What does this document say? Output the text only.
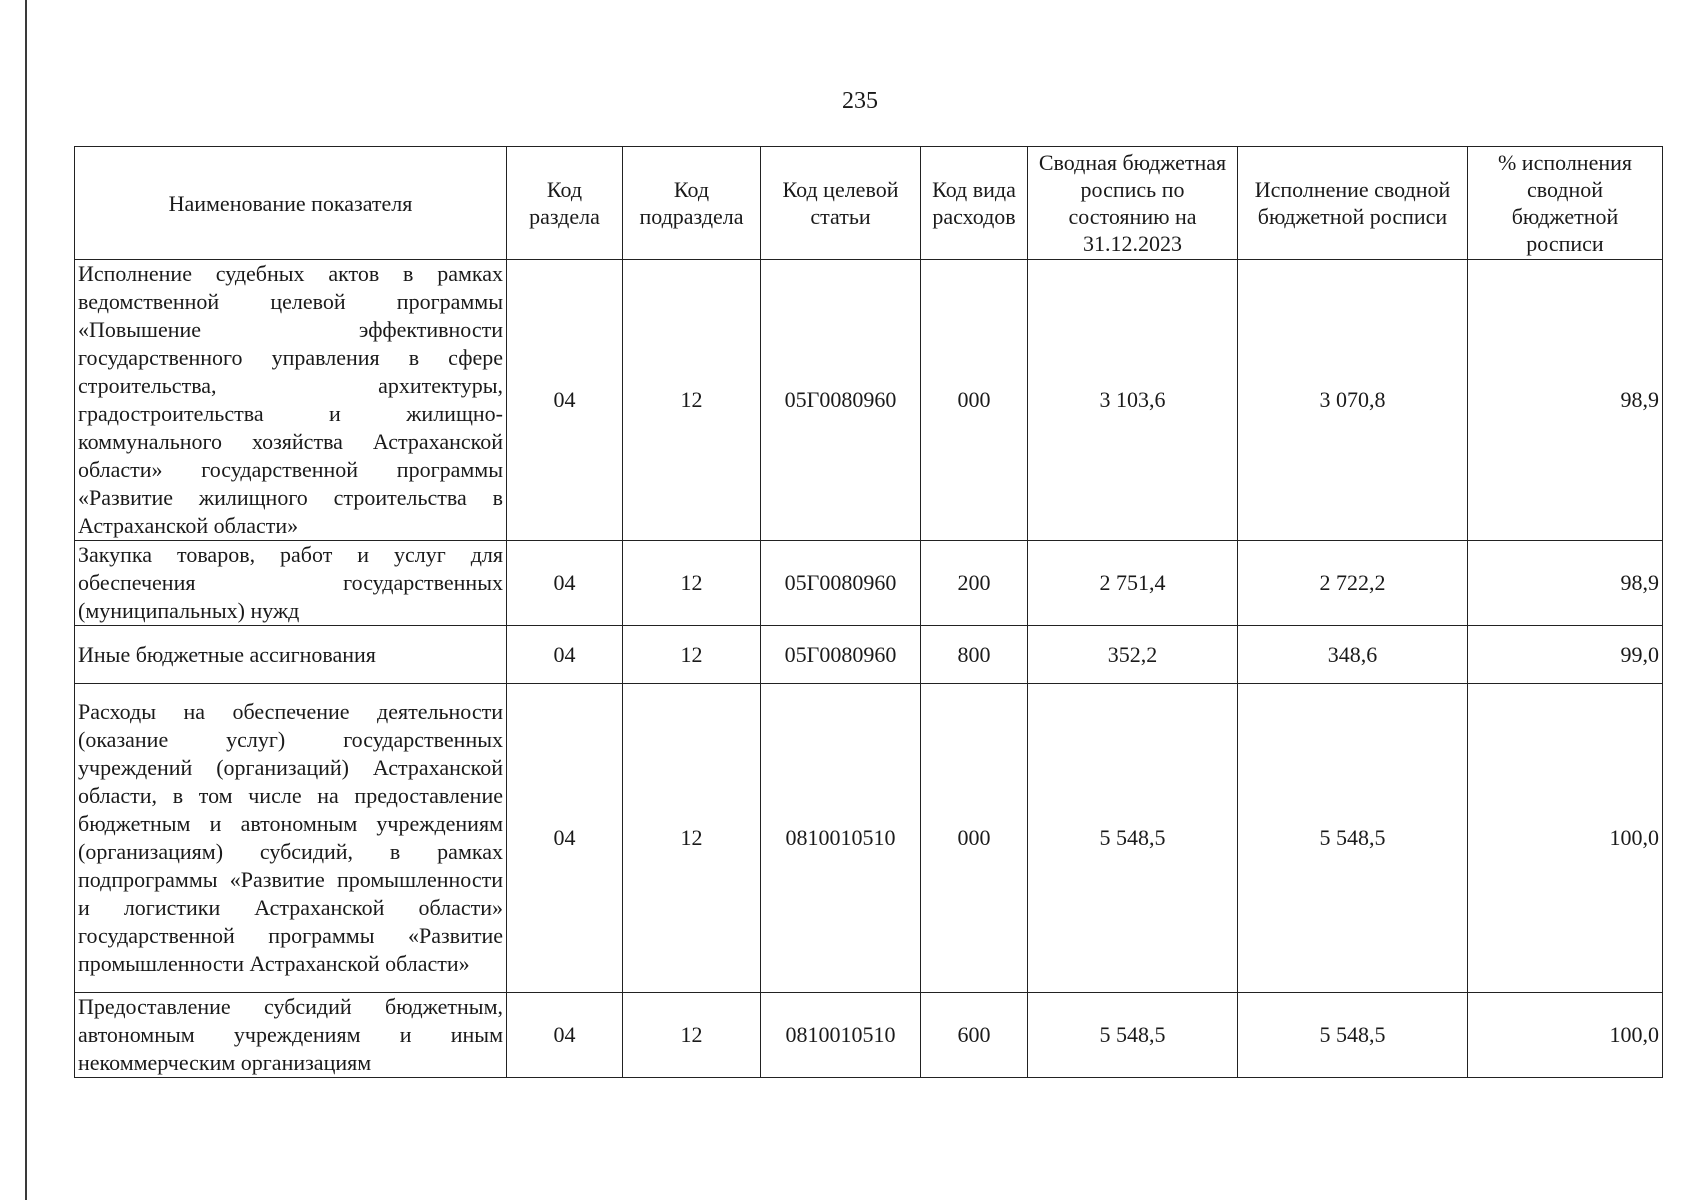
235
Наименование показателя	Код раздела	Код подраздела	Код целевой статьи	Код вида расходов	Сводная бюджетная роспись по состоянию на 31.12.2023	Исполнение сводной бюджетной росписи	% исполнения сводной бюджетной росписи
Исполнение судебных актов в рамках ведомственной целевой программы «Повышение эффективности государственного управления в сфере строительства, архитектуры, градостроительства и жилищно-коммунального хозяйства Астраханской области» государственной программы «Развитие жилищного строительства в Астраханской области»	04	12	05Г0080960	000	3 103,6	3 070,8	98,9
Закупка товаров, работ и услуг для обеспечения государственных (муниципальных) нужд	04	12	05Г0080960	200	2 751,4	2 722,2	98,9
Иные бюджетные ассигнования	04	12	05Г0080960	800	352,2	348,6	99,0
Расходы на обеспечение деятельности (оказание услуг) государственных учреждений (организаций) Астраханской области, в том числе на предоставление бюджетным и автономным учреждениям (организациям) субсидий, в рамках подпрограммы «Развитие промышленности и логистики Астраханской области» государственной программы «Развитие промышленности Астраханской области»	04	12	0810010510	000	5 548,5	5 548,5	100,0
Предоставление субсидий бюджетным, автономным учреждениям и иным некоммерческим организациям	04	12	0810010510	600	5 548,5	5 548,5	100,0
